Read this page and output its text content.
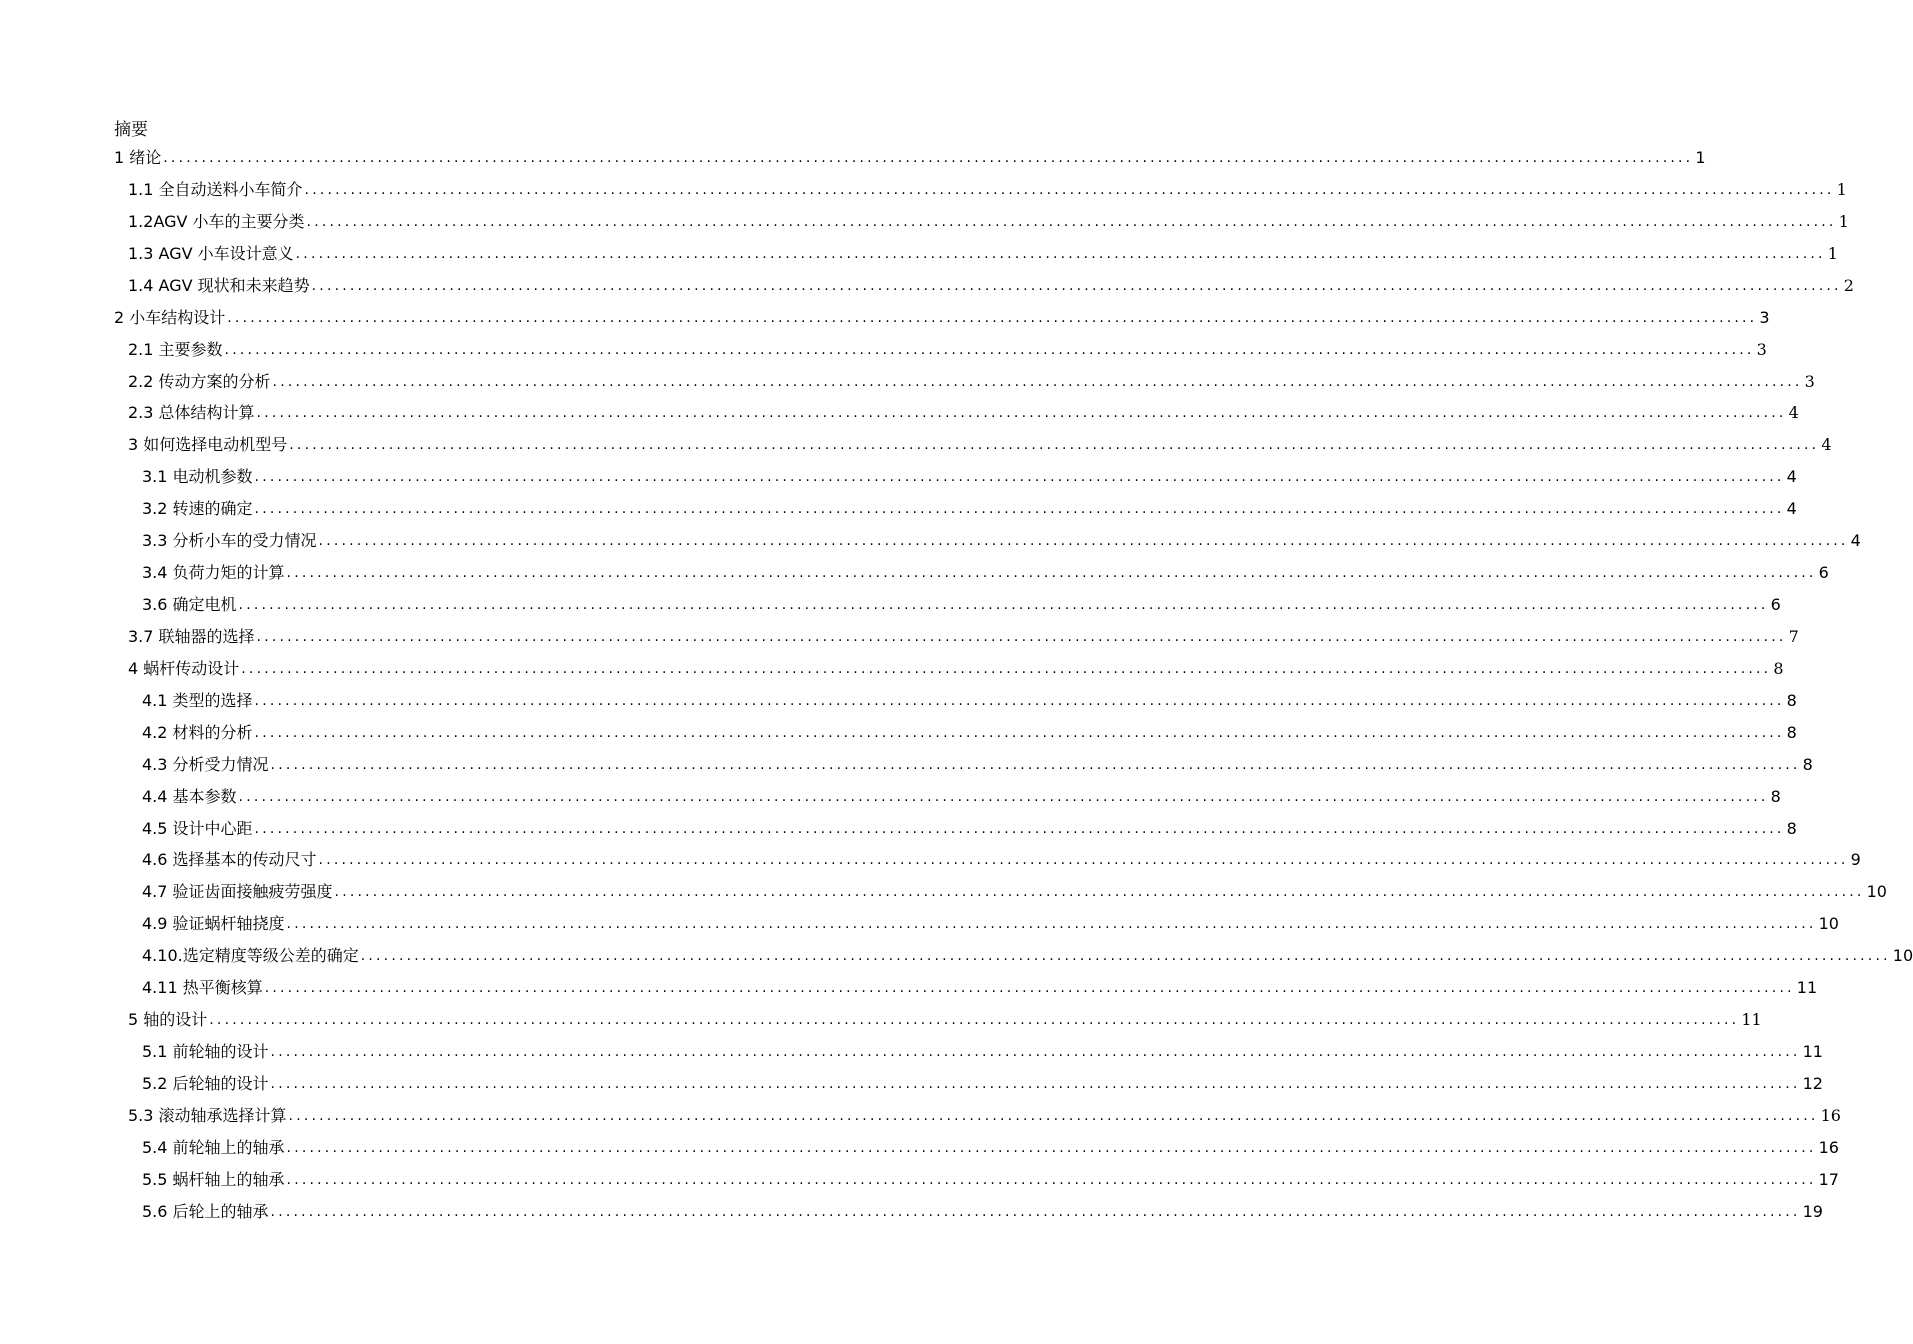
摘要
1 绪论 ........................................................................................................................................................................................................ 1
1.1 全自动送料小车简介 ........................................................................................................................................................................................................ 1
1.2AGV 小车的主要分类 ........................................................................................................................................................................................................ 1
1.3 AGV 小车设计意义 ........................................................................................................................................................................................................ 1
1.4 AGV 现状和未来趋势 ........................................................................................................................................................................................................ 2
2 小车结构设计 ........................................................................................................................................................................................................ 3
2.1 主要参数 ........................................................................................................................................................................................................ 3
2.2 传动方案的分析 ........................................................................................................................................................................................................ 3
2.3 总体结构计算 ........................................................................................................................................................................................................ 4
3 如何选择电动机型号 ........................................................................................................................................................................................................ 4
3.1 电动机参数 ........................................................................................................................................................................................................ 4
3.2 转速的确定 ........................................................................................................................................................................................................ 4
3.3 分析小车的受力情况 ........................................................................................................................................................................................................ 4
3.4 负荷力矩的计算 ........................................................................................................................................................................................................ 6
3.6 确定电机 ........................................................................................................................................................................................................ 6
3.7 联轴器的选择 ........................................................................................................................................................................................................ 7
4 蜗杆传动设计 ........................................................................................................................................................................................................ 8
4.1 类型的选择 ........................................................................................................................................................................................................ 8
4.2 材料的分析 ........................................................................................................................................................................................................ 8
4.3 分析受力情况 ........................................................................................................................................................................................................ 8
4.4 基本参数 ........................................................................................................................................................................................................ 8
4.5 设计中心距 ........................................................................................................................................................................................................ 8
4.6 选择基本的传动尺寸 ........................................................................................................................................................................................................ 9
4.7 验证齿面接触疲劳强度 ........................................................................................................................................................................................................ 10
4.9 验证蜗杆轴挠度 ........................................................................................................................................................................................................ 10
4.10.选定精度等级公差的确定 ........................................................................................................................................................................................................ 10
4.11 热平衡核算 ........................................................................................................................................................................................................ 11
5 轴的设计 ........................................................................................................................................................................................................ 11
5.1 前轮轴的设计 ........................................................................................................................................................................................................ 11
5.2 后轮轴的设计 ........................................................................................................................................................................................................ 12
5.3 滚动轴承选择计算 ........................................................................................................................................................................................................ 16
5.4 前轮轴上的轴承 ........................................................................................................................................................................................................ 16
5.5 蜗杆轴上的轴承 ........................................................................................................................................................................................................ 17
5.6 后轮上的轴承 ........................................................................................................................................................................................................ 19
